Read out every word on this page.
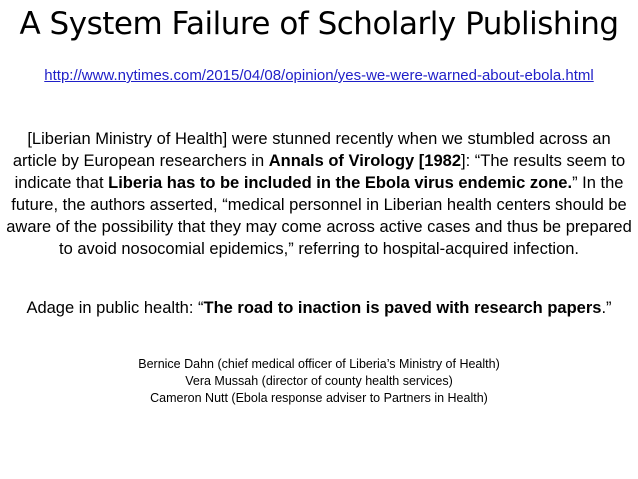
A System Failure of Scholarly Publishing
http://www.nytimes.com/2015/04/08/opinion/yes-we-were-warned-about-ebola.html
[Liberian Ministry of Health] were stunned recently when we stumbled across an article by European researchers in Annals of Virology [1982]: “The results seem to indicate that Liberia has to be included in the Ebola virus endemic zone.” In the future, the authors asserted, “medical personnel in Liberian health centers should be aware of the possibility that they may come across active cases and thus be prepared to avoid nosocomial epidemics,” referring to hospital-acquired infection.
Adage in public health: “The road to inaction is paved with research papers.”
Bernice Dahn (chief medical officer of Liberia’s Ministry of Health)
Vera Mussah (director of county health services)
Cameron Nutt (Ebola response adviser to Partners in Health)
